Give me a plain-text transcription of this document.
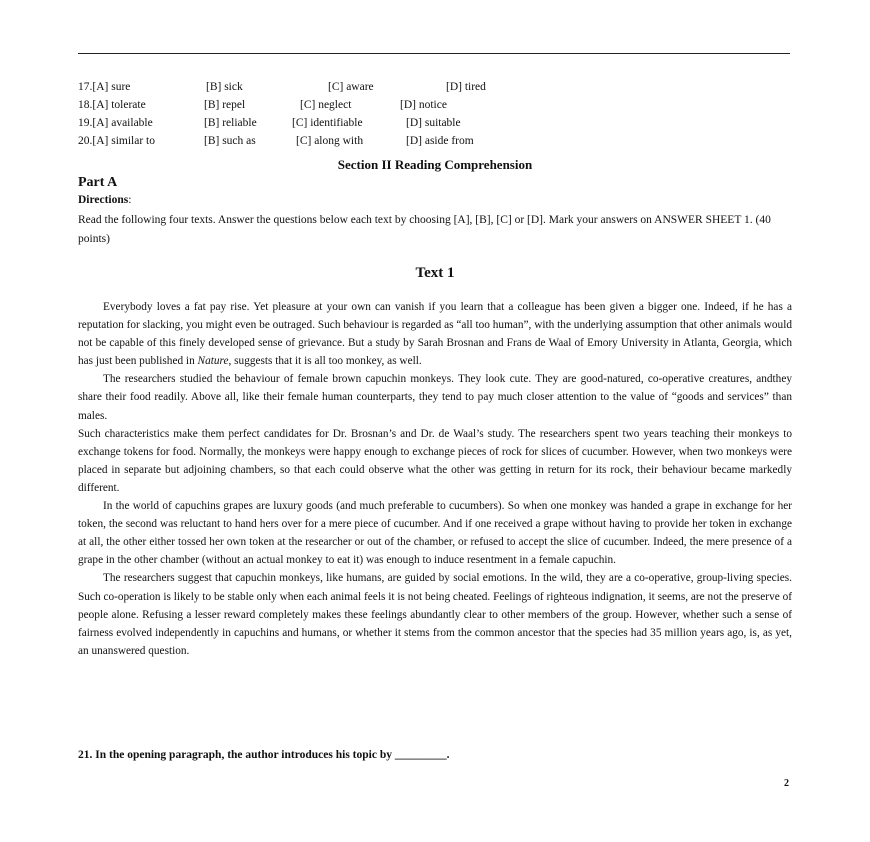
17.[A] sure	[B] sick	[C] aware	[D] tired
18.[A] tolerate	[B] repel	[C] neglect	[D] notice
19.[A] available	[B] reliable	[C] identifiable	[D] suitable
20.[A] similar to	[B] such as	[C] along with	[D] aside from
Section II Reading Comprehension
Part A
Directions:
Read the following four texts. Answer the questions below each text by choosing [A], [B], [C] or [D]. Mark your answers on ANSWER SHEET 1. (40 points)
Text 1

Everybody loves a fat pay rise. Yet pleasure at your own can vanish if you learn that a colleague has been given a bigger one. Indeed, if he has a reputation for slacking, you might even be outraged. Such behaviour is regarded as “all too human”, with the underlying assumption that other animals would not be capable of this finely developed sense of grievance. But a study by Sarah Brosnan and Frans de Waal of Emory University in Atlanta, Georgia, which has just been published in Nature, suggests that it is all too monkey, as well.

The researchers studied the behaviour of female brown capuchin monkeys. They look cute. They are good-natured, co-operative creatures, andthey share their food readily. Above all, like their female human counterparts, they tend to pay much closer attention to the value of “goods and services” than males.

Such characteristics make them perfect candidates for Dr. Brosnan’s and Dr. de Waal’s study. The researchers spent two years teaching their monkeys to exchange tokens for food. Normally, the monkeys were happy enough to exchange pieces of rock for slices of cucumber. However, when two monkeys were placed in separate but adjoining chambers, so that each could observe what the other was getting in return for its rock, their behaviour became markedly different.

In the world of capuchins grapes are luxury goods (and much preferable to cucumbers). So when one monkey was handed a grape in exchange for her token, the second was reluctant to hand hers over for a mere piece of cucumber. And if one received a grape without having to provide her token in exchange at all, the other either tossed her own token at the researcher or out of the chamber, or refused to accept the slice of cucumber. Indeed, the mere presence of a grape in the other chamber (without an actual monkey to eat it) was enough to induce resentment in a female capuchin.

The researchers suggest that capuchin monkeys, like humans, are guided by social emotions. In the wild, they are a co-operative, group-living species. Such co-operation is likely to be stable only when each animal feels it is not being cheated. Feelings of righteous indignation, it seems, are not the preserve of people alone. Refusing a lesser reward completely makes these feelings abundantly clear to other members of the group. However, whether such a sense of fairness evolved independently in capuchins and humans, or whether it stems from the common ancestor that the species had 35 million years ago, is, as yet, an unanswered question.

21. In the opening paragraph, the author introduces his topic by _________.
2
